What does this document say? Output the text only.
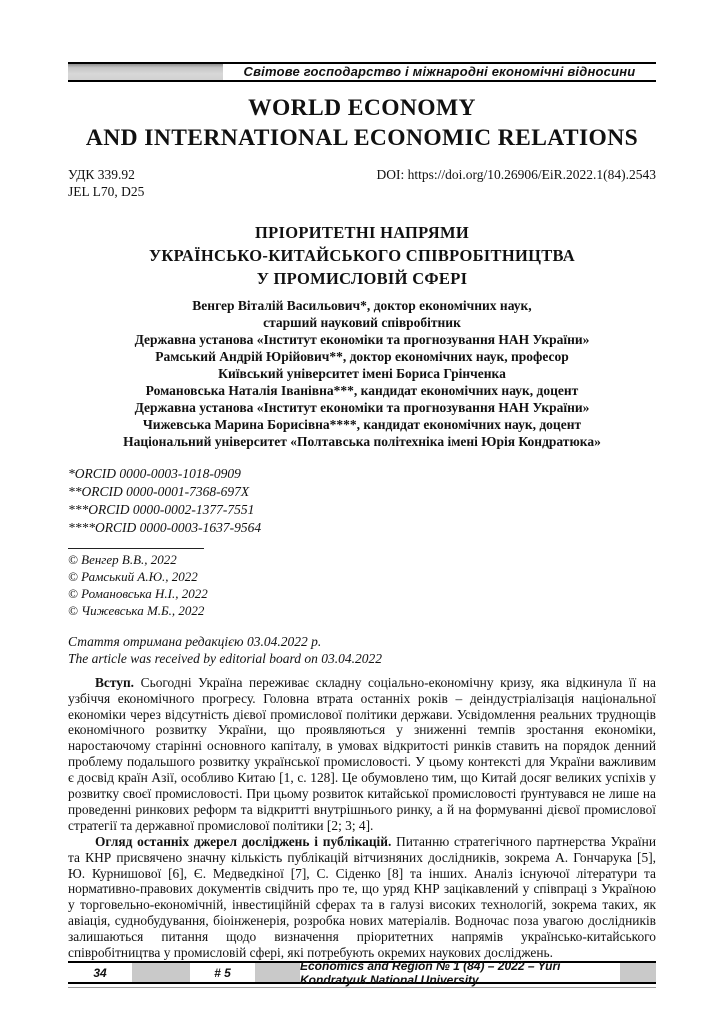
Світове господарство і міжнародні економічні відносини
WORLD ECONOMY
AND INTERNATIONAL ECONOMIC RELATIONS
УДК 339.92
JEL L70, D25
DOI: https://doi.org/10.26906/EiR.2022.1(84).2543
ПРІОРИТЕТНІ НАПРЯМИ
УКРАЇНСЬКО-КИТАЙСЬКОГО СПІВРОБІТНИЦТВА
У ПРОМИСЛОВІЙ СФЕРІ
Венгер Віталій Васильович*, доктор економічних наук,
старший науковий співробітник
Державна установа «Інститут економіки та прогнозування НАН України»
Рамський Андрій Юрійович**, доктор економічних наук, професор
Київський університет імені Бориса Грінченка
Романовська Наталія Іванівна***, кандидат економічних наук, доцент
Державна установа «Інститут економіки та прогнозування НАН України»
Чижевська Марина Борисівна****, кандидат економічних наук, доцент
Національний університет «Полтавська політехніка імені Юрія Кондратюка»
*ORCID 0000-0003-1018-0909
**ORCID 0000-0001-7368-697X
***ORCID 0000-0002-1377-7551
****ORCID 0000-0003-1637-9564
© Венгер В.В., 2022
© Рамський А.Ю., 2022
© Романовська Н.І., 2022
© Чижевська М.Б., 2022
Стаття отримана редакцією 03.04.2022 р.
The article was received by editorial board on 03.04.2022

Вступ. Сьогодні Україна переживає складну соціально-економічну кризу, яка відкинула її на узбіччя економічного прогресу. Головна втрата останніх років – деіндустріалізація національної економіки через відсутність дієвої промислової політики держави. Усвідомлення реальних труднощів економічного розвитку України, що проявляються у зниженні темпів зростання економіки, наростаючому старінні основного капіталу, в умовах відкритості ринків ставить на порядок денний проблему подальшого розвитку української промисловості. У цьому контексті для України важливим є досвід країн Азії, особливо Китаю [1, с. 128]. Це обумовлено тим, що Китай досяг великих успіхів у розвитку своєї промисловості. При цьому розвиток китайської промисловості ґрунтувався не лише на проведенні ринкових реформ та відкритті внутрішнього ринку, а й на формуванні дієвої промислової стратегії та державної промислової політики [2; 3; 4].

Огляд останніх джерел досліджень і публікацій. Питанню стратегічного партнерства України та КНР присвячено значну кількість публікацій вітчизняних дослідників, зокрема А. Гончарука [5], Ю. Курнишової [6], Є. Медведкіної [7], С. Сіденко [8] та інших. Аналіз існуючої літератури та нормативно-правових документів свідчить про те, що уряд КНР зацікавлений у співпраці з Україною у торговельно-економічній, інвестиційній сферах та в галузі високих технологій, зокрема таких, як авіація, суднобудування, біоінженерія, розробка нових матеріалів. Водночас поза увагою дослідників залишаються питання щодо визначення пріоритетних напрямів українсько-китайського співробітництва у промисловій сфері, які потребують окремих наукових досліджень.

34	# 5	Economics and Region № 1 (84) – 2022 – Yuri Kondratyuk National University
